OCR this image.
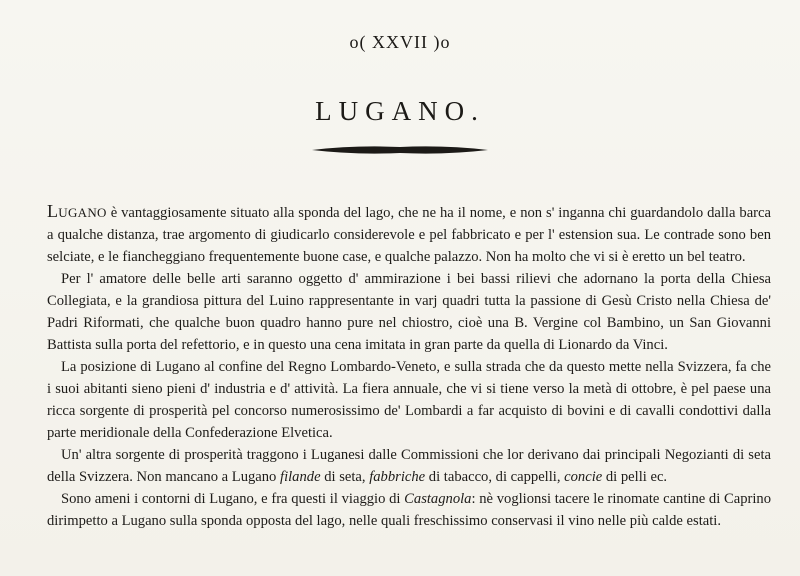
o( XXVII )o
LUGANO.

Lugano è vantaggiosamente situato alla sponda del lago, che ne ha il nome, e non s' inganna chi guardandolo dalla barca a qualche distanza, trae argomento di giudicarlo considerevole e pel fabbricato e per l' estension sua. Le contrade sono ben selciate, e le fiancheggiano frequentemente buone case, e qualche palazzo. Non ha molto che vi si è eretto un bel teatro.

Per l' amatore delle belle arti saranno oggetto d' ammirazione i bei bassi rilievi che adornano la porta della Chiesa Collegiata, e la grandiosa pittura del Luino rappresentante in varj quadri tutta la passione di Gesù Cristo nella Chiesa de' Padri Riformati, che qualche buon quadro hanno pure nel chiostro, cioè una B. Vergine col Bambino, un San Giovanni Battista sulla porta del refettorio, e in questo una cena imitata in gran parte da quella di Lionardo da Vinci.

La posizione di Lugano al confine del Regno Lombardo-Veneto, e sulla strada che da questo mette nella Svizzera, fa che i suoi abitanti sieno pieni d' industria e d' attività. La fiera annuale, che vi si tiene verso la metà di ottobre, è pel paese una ricca sorgente di prosperità pel concorso numerosissimo de' Lombardi a far acquisto di bovini e di cavalli condottivi dalla parte meridionale della Confederazione Elvetica.

Un' altra sorgente di prosperità traggono i Luganesi dalle Commissioni che lor derivano dai principali Negozianti di seta della Svizzera. Non mancano a Lugano filande di seta, fabbriche di tabacco, di cappelli, concie di pelli ec.

Sono ameni i contorni di Lugano, e fra questi il viaggio di Castagnola: nè voglionsi tacere le rinomate cantine di Caprino dirimpetto a Lugano sulla sponda opposta del lago, nelle quali freschissimo conservasi il vino nelle più calde estati.
